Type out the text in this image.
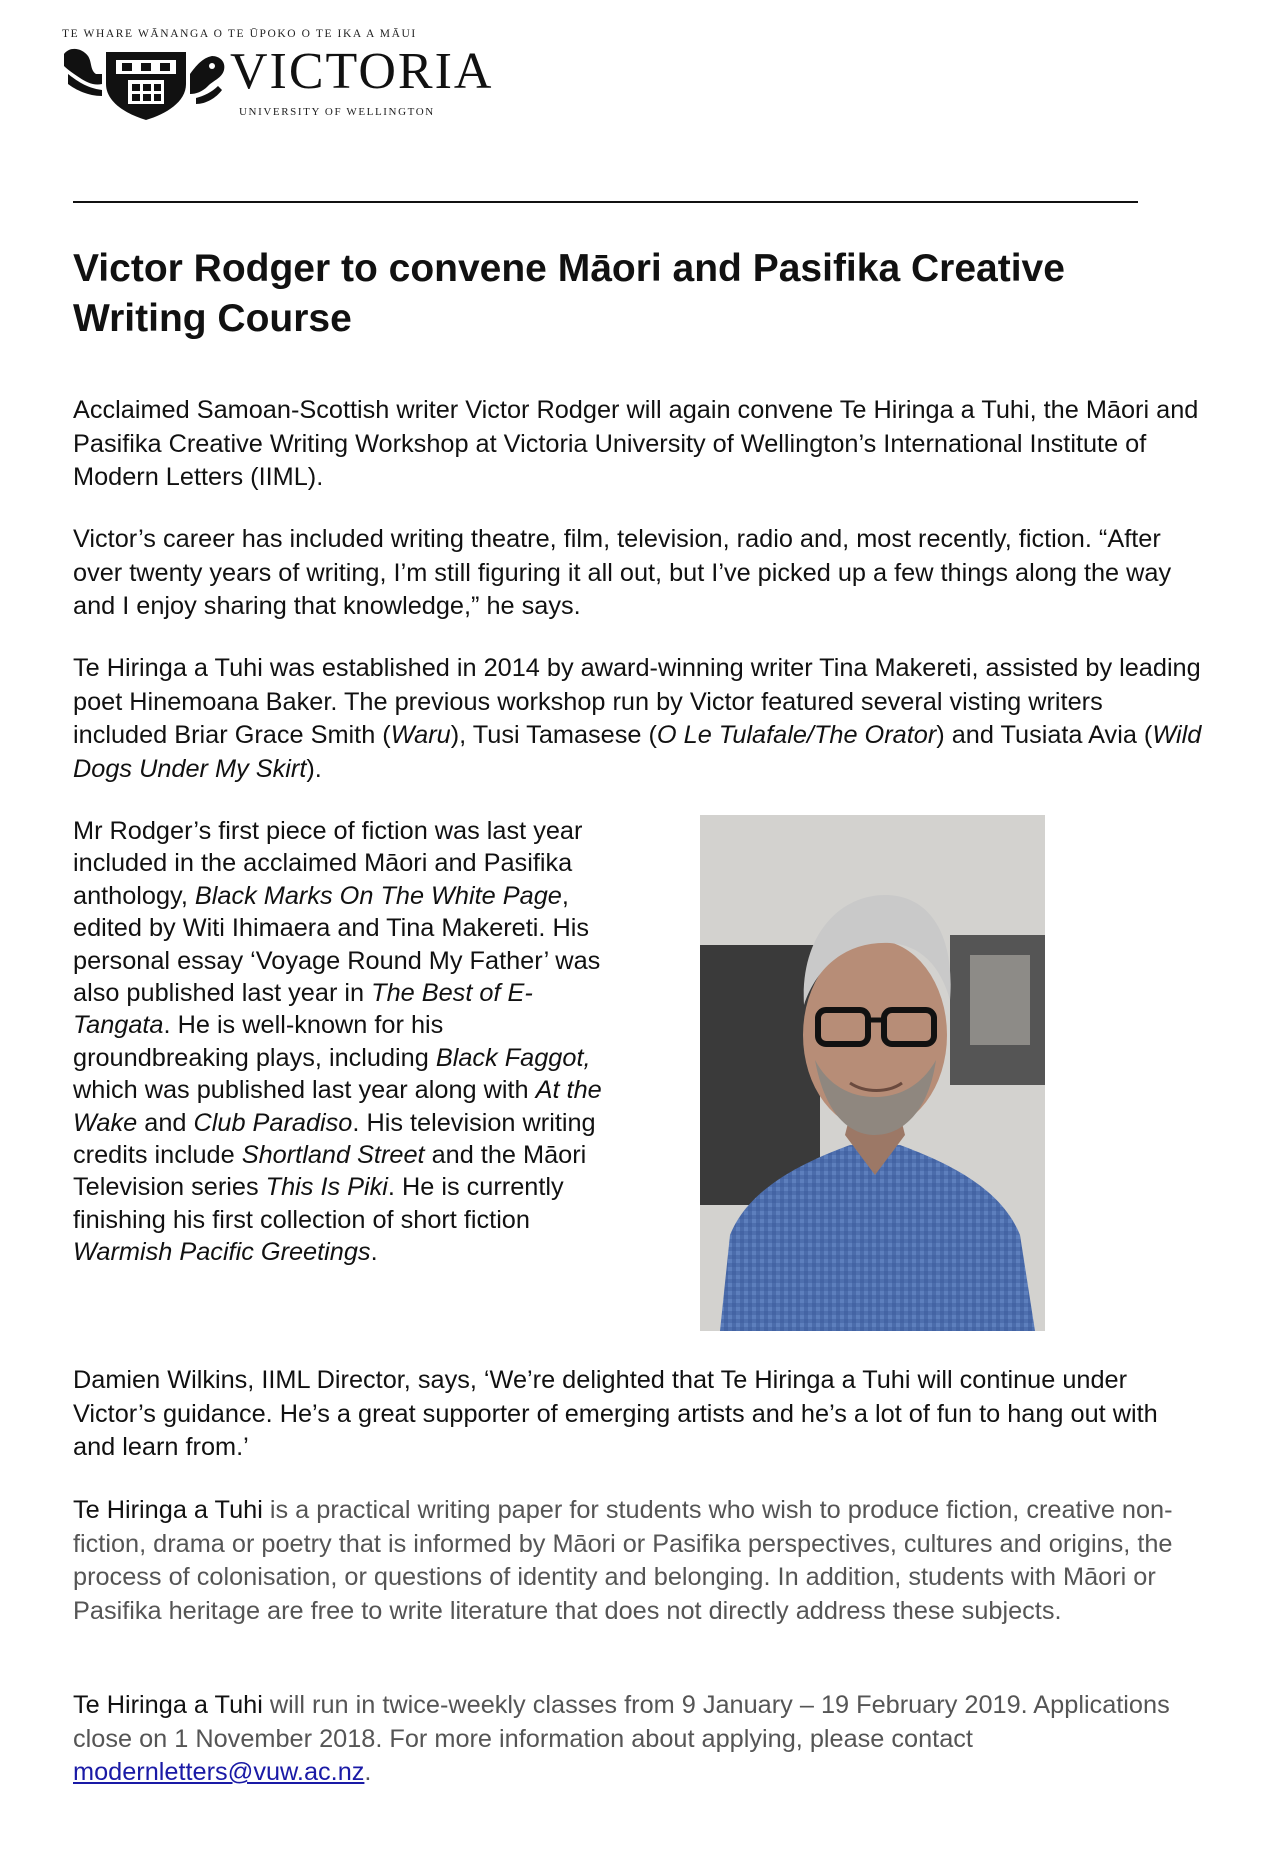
TE WHARE WĀNANGA O TE ŪPOKO O TE IKA A MĀUI
VICTORIA
UNIVERSITY OF WELLINGTON
Victor Rodger to convene Māori and Pasifika Creative Writing Course

Acclaimed Samoan-Scottish writer Victor Rodger will again convene Te Hiringa a Tuhi, the Māori and Pasifika Creative Writing Workshop at Victoria University of Wellington’s International Institute of Modern Letters (IIML).

Victor’s career has included writing theatre, film, television, radio and, most recently, fiction. “After over twenty years of writing, I’m still figuring it all out, but I’ve picked up a few things along the way and I enjoy sharing that knowledge,” he says.

Te Hiringa a Tuhi was established in 2014 by award-winning writer Tina Makereti, assisted by leading poet Hinemoana Baker. The previous workshop run by Victor featured several visting writers included Briar Grace Smith (Waru), Tusi Tamasese (O Le Tulafale/The Orator) and Tusiata Avia (Wild Dogs Under My Skirt).

Mr Rodger’s first piece of fiction was last year included in the acclaimed Māori and Pasifika anthology, Black Marks On The White Page, edited by Witi Ihimaera and Tina Makereti. His personal essay ‘Voyage Round My Father’ was also published last year in The Best of E-Tangata. He is well-known for his groundbreaking plays, including Black Faggot, which was published last year along with At the Wake and Club Paradiso. His television writing credits include Shortland Street and the Māori Television series This Is Piki. He is currently finishing his first collection of short fiction Warmish Pacific Greetings.

Damien Wilkins, IIML Director, says, ‘We’re delighted that Te Hiringa a Tuhi will continue under Victor’s guidance. He’s a great supporter of emerging artists and he’s a lot of fun to hang out with and learn from.’

Te Hiringa a Tuhi is a practical writing paper for students who wish to produce fiction, creative non-fiction, drama or poetry that is informed by Māori or Pasifika perspectives, cultures and origins, the process of colonisation, or questions of identity and belonging. In addition, students with Māori or Pasifika heritage are free to write literature that does not directly address these subjects.

Te Hiringa a Tuhi will run in twice-weekly classes from 9 January – 19 February 2019. Applications close on 1 November 2018. For more information about applying, please contact modernletters@vuw.ac.nz.
